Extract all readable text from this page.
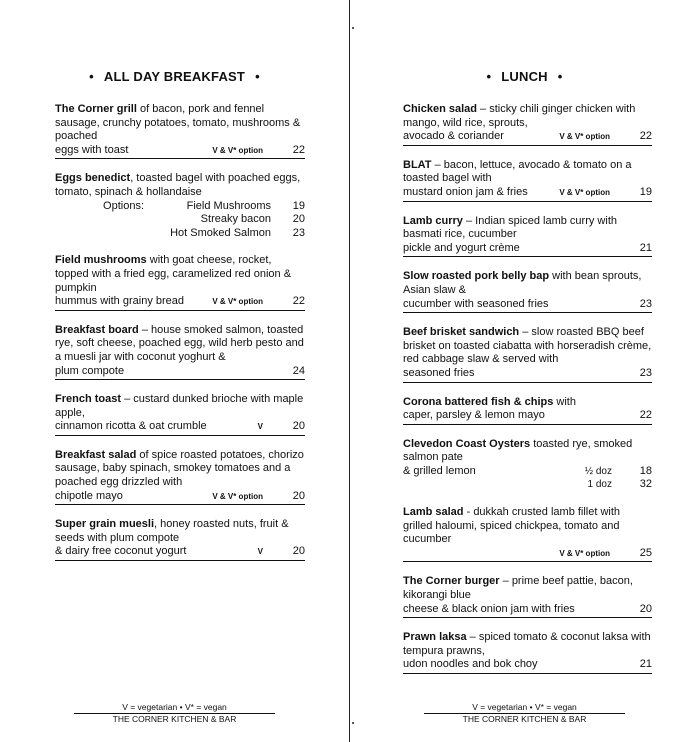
• ALL DAY BREAKFAST •
The Corner grill of bacon, pork and fennel sausage, crunchy potatoes, tomato, mushrooms & poached
eggs with toast	V & V* option	22
Eggs benedict, toasted bagel with poached eggs, tomato, spinach & hollandaise
Options:	Field Mushrooms	19
Streaky bacon	20
Hot Smoked Salmon	23
Field mushrooms with goat cheese, rocket, topped with a fried egg, caramelized red onion & pumpkin
hummus with grainy bread	V & V* option	22
Breakfast board – house smoked salmon, toasted rye, soft cheese, poached egg, wild herb pesto and a muesli jar with coconut yoghurt &
plum compote	24
French toast – custard dunked brioche with maple apple,
cinnamon ricotta & oat crumble	V	20
Breakfast salad of spice roasted potatoes, chorizo sausage, baby spinach, smokey tomatoes and a poached egg drizzled with
chipotle mayo	V & V* option	20
Super grain muesli, honey roasted nuts, fruit & seeds with plum compote
& dairy free coconut yogurt	V	20
V = vegetarian • V* = vegan
THE CORNER KITCHEN & BAR
• LUNCH •
Chicken salad – sticky chili ginger chicken with mango, wild rice, sprouts,
avocado & coriander	V & V* option	22
BLAT – bacon, lettuce, avocado & tomato on a toasted bagel with
mustard onion jam & fries	V & V* option	19
Lamb curry – Indian spiced lamb curry with basmati rice, cucumber
pickle and yogurt crème	21
Slow roasted pork belly bap with bean sprouts, Asian slaw &
cucumber with seasoned fries	23
Beef brisket sandwich – slow roasted BBQ beef brisket on toasted ciabatta with horseradish crème, red cabbage slaw & served with
seasoned fries	23
Corona battered fish & chips with
caper, parsley & lemon mayo	22
Clevedon Coast Oysters toasted rye, smoked salmon pate
& grilled lemon	½ doz	18
1 doz	32
Lamb salad - dukkah crusted lamb fillet with grilled haloumi, spiced chickpea, tomato and cucumber
V & V* option	25
The Corner burger – prime beef pattie, bacon, kikorangi blue
cheese & black onion jam with fries	20
Prawn laksa – spiced tomato & coconut laksa with tempura prawns,
udon noodles and bok choy	21
V = vegetarian • V* = vegan
THE CORNER KITCHEN & BAR
